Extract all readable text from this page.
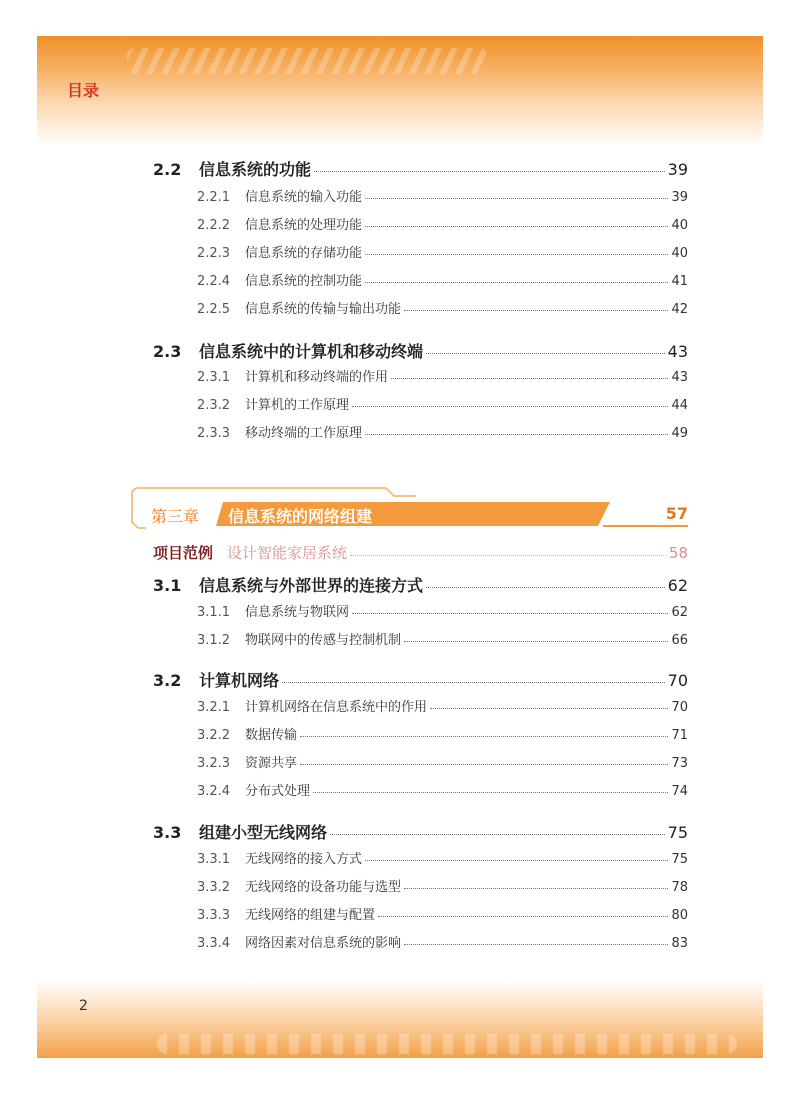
目录
2.2	信息系统的功能	39
2.2.1	信息系统的输入功能	39
2.2.2	信息系统的处理功能	40
2.2.3	信息系统的存储功能	40
2.2.4	信息系统的控制功能	41
2.2.5	信息系统的传输与输出功能	42
2.3	信息系统中的计算机和移动终端	43
2.3.1	计算机和移动终端的作用	43
2.3.2	计算机的工作原理	44
2.3.3	移动终端的工作原理	49
第三章 信息系统的网络组建	57
项目范例 设计智能家居系统	58
3.1	信息系统与外部世界的连接方式	62
3.1.1	信息系统与物联网	62
3.1.2	物联网中的传感与控制机制	66
3.2	计算机网络	70
3.2.1	计算机网络在信息系统中的作用	70
3.2.2	数据传输	71
3.2.3	资源共享	73
3.2.4	分布式处理	74
3.3	组建小型无线网络	75
3.3.1	无线网络的接入方式	75
3.3.2	无线网络的设备功能与选型	78
3.3.3	无线网络的组建与配置	80
3.3.4	网络因素对信息系统的影响	83
2
